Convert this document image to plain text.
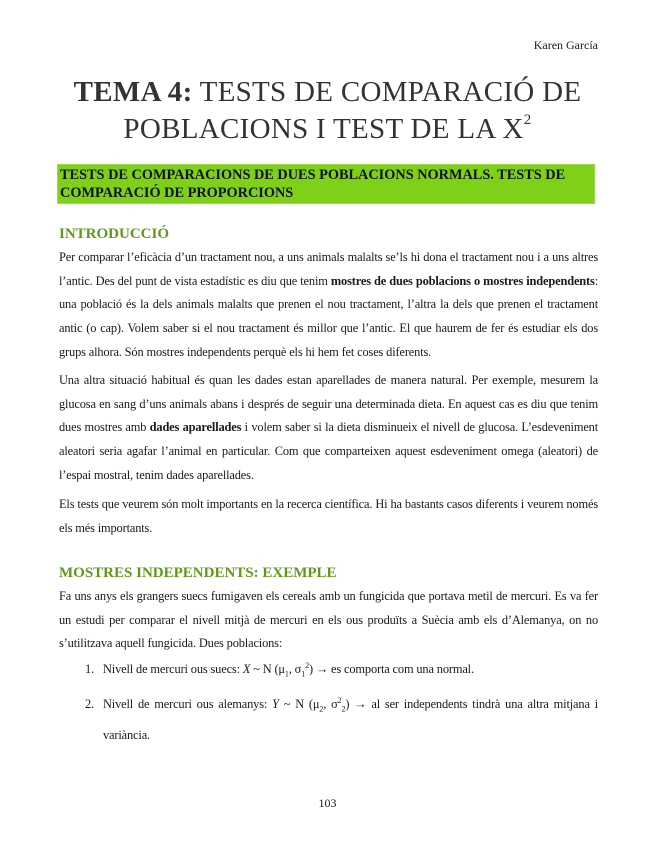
Karen García
TEMA 4: TESTS DE COMPARACIÓ DE POBLACIONS I TEST DE LA $X^2$
TESTS DE COMPARACIONS DE DUES POBLACIONS NORMALS. TESTS DE COMPARACIÓ DE PROPORCIONS
INTRODUCCIÓ
Per comparar l’eficàcia d’un tractament nou, a uns animals malalts se’ls hi dona el tractament nou i a uns altres l’antic. Des del punt de vista estadístic es diu que tenim mostres de dues poblacions o mostres independents: una població és la dels animals malalts que prenen el nou tractament, l’altra la dels que prenen el tractament antic (o cap). Volem saber si el nou tractament és millor que l’antic. El que haurem de fer és estudiar els dos grups alhora. Són mostres independents perquè els hi hem fet coses diferents.
Una altra situació habitual és quan les dades estan aparellades de manera natural. Per exemple, mesurem la glucosa en sang d’uns animals abans i després de seguir una determinada dieta. En aquest cas es diu que tenim dues mostres amb dades aparellades i volem saber si la dieta disminueix el nivell de glucosa. L’esdeveniment aleatori seria agafar l’animal en particular. Com que comparteixen aquest esdeveniment omega (aleatori) de l’espai mostral, tenim dades aparellades.
Els tests que veurem són molt importants en la recerca científica. Hi ha bastants casos diferents i veurem només els més importants.
MOSTRES INDEPENDENTS: EXEMPLE
Fa uns anys els grangers suecs fumigaven els cereals amb un fungicida que portava metil de mercuri. Es va fer un estudi per comparar el nivell mitjà de mercuri en els ous produïts a Suècia amb els d’Alemanya, on no s’utilitzava aquell fungicida. Dues poblacions:
1. Nivell de mercuri ous suecs: X ~ N ($\mu_1$, $\sigma_1^2$) → es comporta com una normal.
2. Nivell de mercuri ous alemanys: Y ~ N ($\mu_2$, $\sigma^2_2$) → al ser independents tindrà una altra mitjana i variància.
103
